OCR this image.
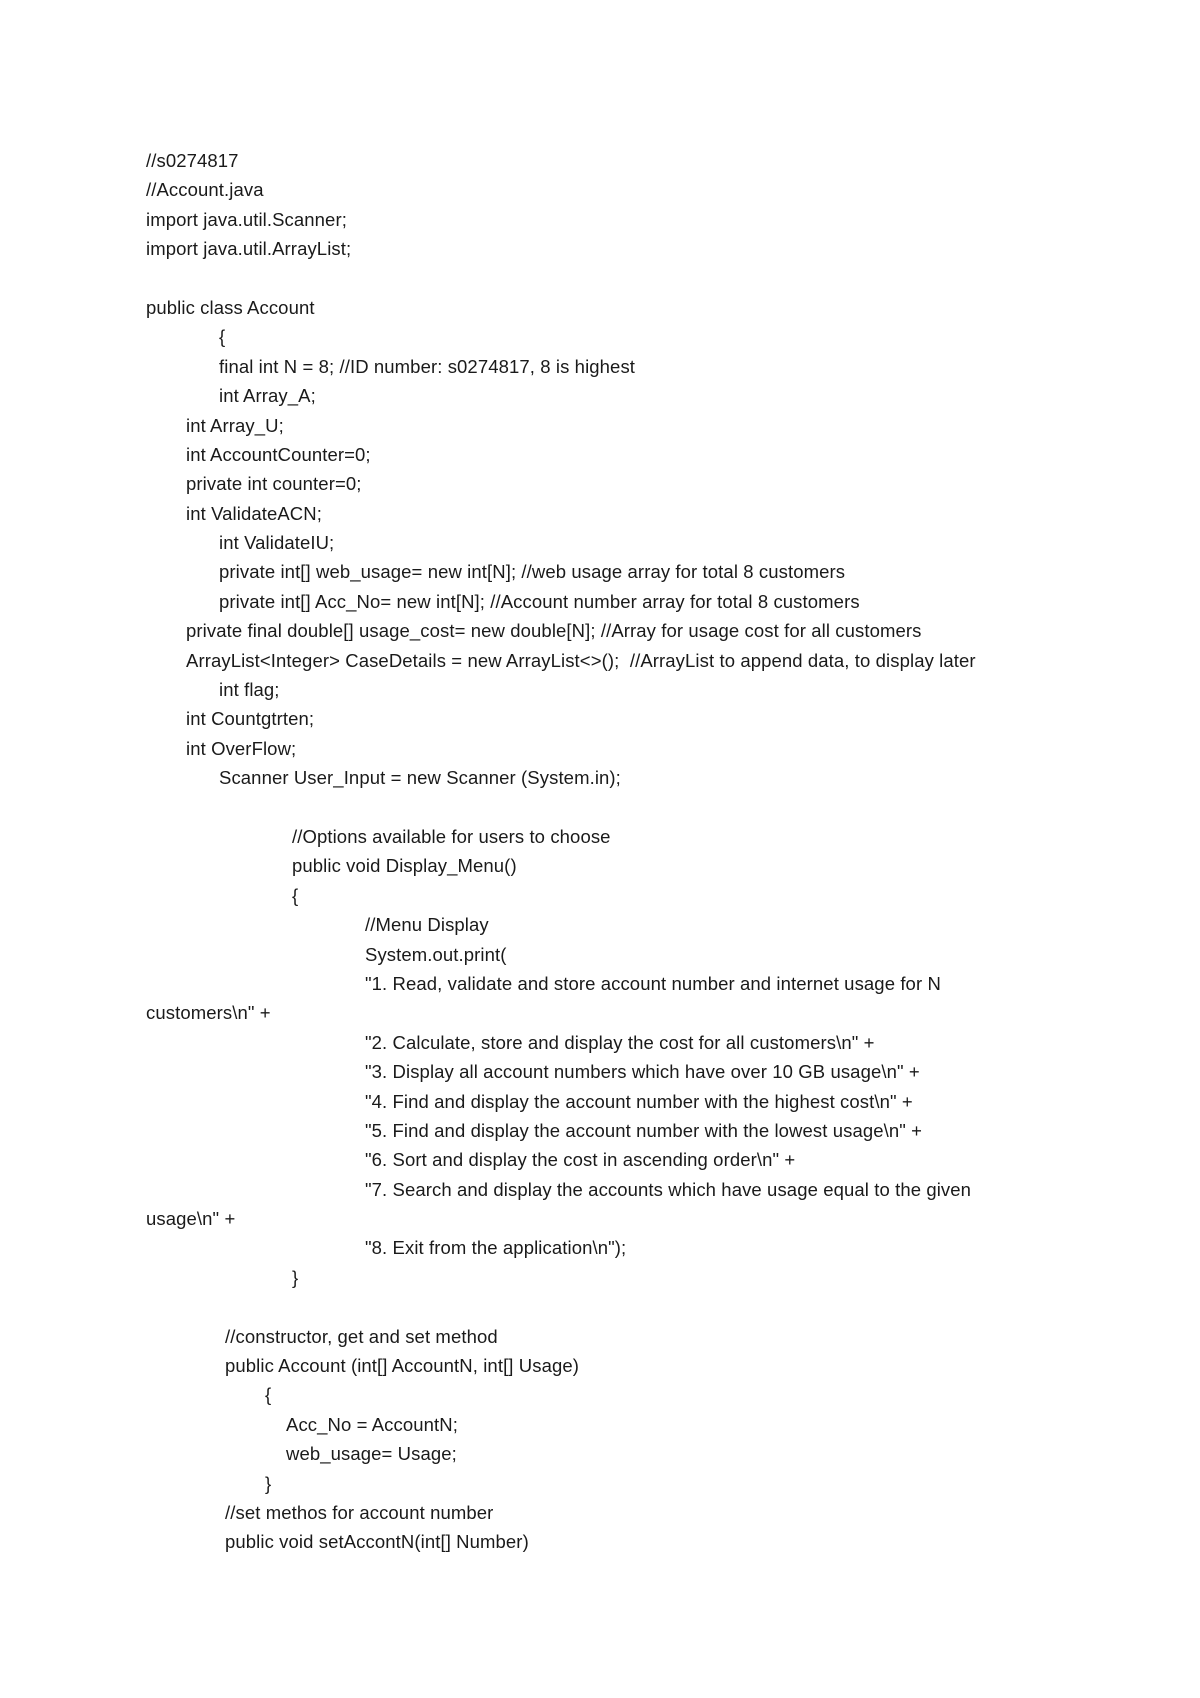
//s0274817
//Account.java
import java.util.Scanner;
import java.util.ArrayList;
public class Account
{
final int N = 8; //ID number: s0274817, 8 is highest
int Array_A;
int Array_U;
int AccountCounter=0;
private int counter=0;
int ValidateACN;
int ValidateIU;
private int[] web_usage= new int[N]; //web usage array for total 8 customers
private int[] Acc_No= new int[N]; //Account number array for total 8 customers
private final double[] usage_cost= new double[N]; //Array for usage cost for all customers
ArrayList<Integer> CaseDetails = new ArrayList<>();  //ArrayList to append data, to display later
int flag;
int Countgtrten;
int OverFlow;
Scanner User_Input = new Scanner (System.in);
//Options available for users to choose
public void Display_Menu()
{
//Menu Display
System.out.print(
"1. Read, validate and store account number and internet usage for N
customers\n" +
"2. Calculate, store and display the cost for all customers\n" +
"3. Display all account numbers which have over 10 GB usage\n" +
"4. Find and display the account number with the highest cost\n" +
"5. Find and display the account number with the lowest usage\n" +
"6. Sort and display the cost in ascending order\n" +
"7. Search and display the accounts which have usage equal to the given
usage\n" +
"8. Exit from the application\n");
}
//constructor, get and set method
public Account (int[] AccountN, int[] Usage)
{
Acc_No = AccountN;
web_usage= Usage;
}
//set methos for account number
public void setAccontN(int[] Number)
